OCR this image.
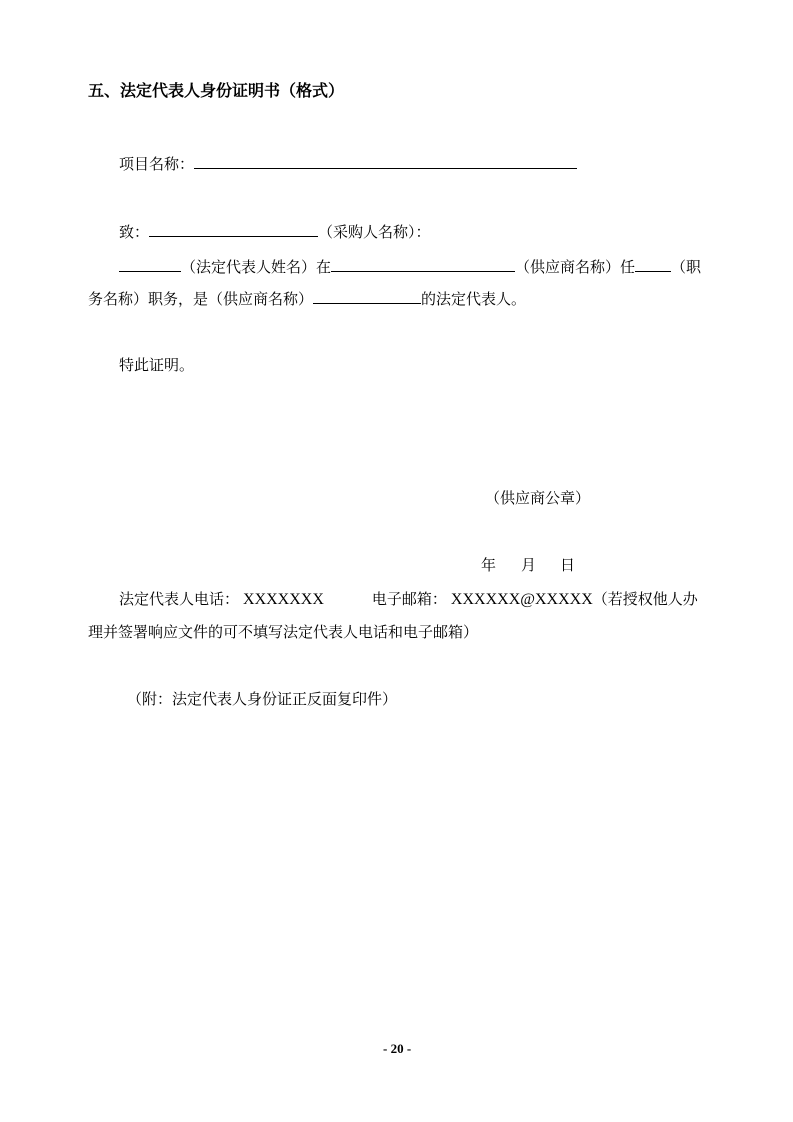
五、法定代表人身份证明书（格式）
项目名称：
致：	（采购人名称）：
（法定代表人姓名）在	（供应商名称）任 （职
务名称）职务，是（供应商名称）	的法定代表人。
特此证明。
（供应商公章）
年 月 日
法定代表人电话： XXXXXXX	电子邮箱： XXXXXX@XXXXX（若授权他人办
理并签署响应文件的可不填写法定代表人电话和电子邮箱）
（附：法定代表人身份证正反面复印件）
- 20 -
